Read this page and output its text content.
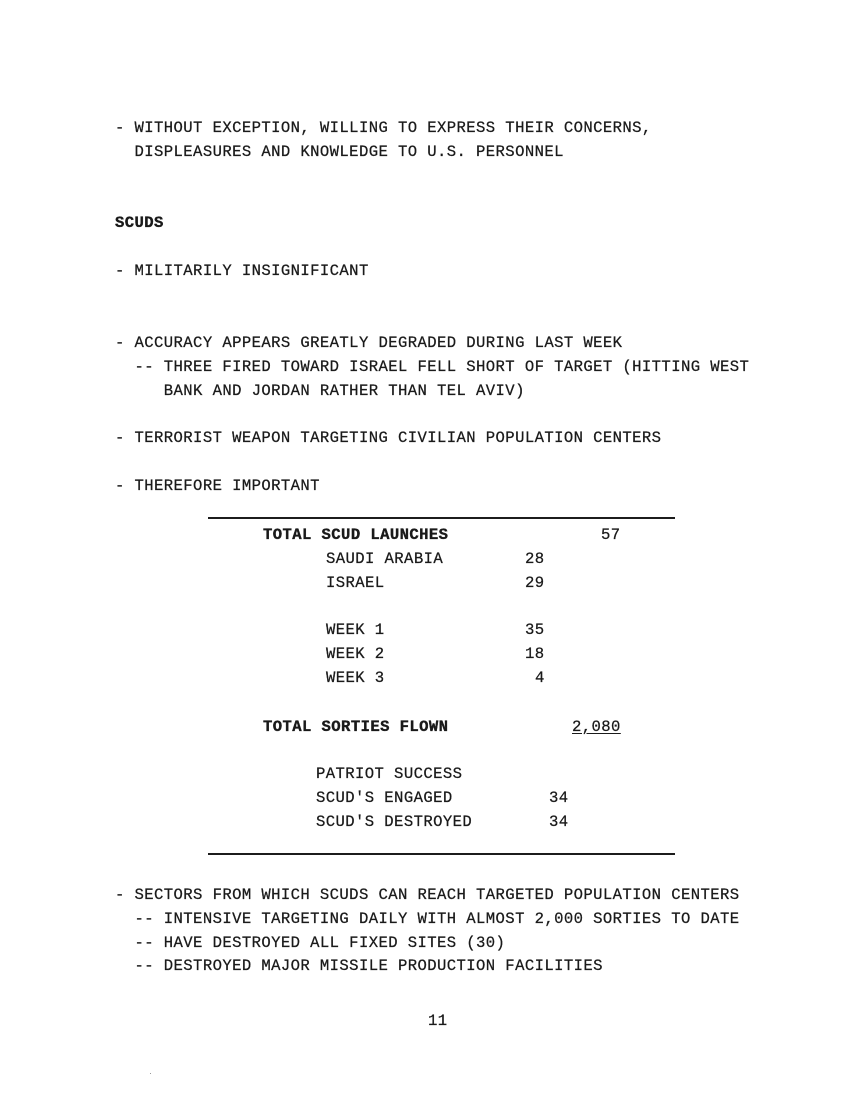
- WITHOUT EXCEPTION, WILLING TO EXPRESS THEIR CONCERNS,
DISPLEASURES AND KNOWLEDGE TO U.S. PERSONNEL
SCUDS
- MILITARILY INSIGNIFICANT
- ACCURACY APPEARS GREATLY DEGRADED DURING LAST WEEK
-- THREE FIRED TOWARD ISRAEL FELL SHORT OF TARGET (HITTING WEST
BANK AND JORDAN RATHER THAN TEL AVIV)
- TERRORIST WEAPON TARGETING CIVILIAN POPULATION CENTERS
- THEREFORE IMPORTANT
TOTAL SCUD LAUNCHES	57
SAUDI ARABIA	28
ISRAEL	29
WEEK 1	35
WEEK 2	18
WEEK 3	4
TOTAL SORTIES FLOWN	2,080
PATRIOT SUCCESS
SCUD'S ENGAGED	34
SCUD'S DESTROYED	34
- SECTORS FROM WHICH SCUDS CAN REACH TARGETED POPULATION CENTERS
-- INTENSIVE TARGETING DAILY WITH ALMOST 2,000 SORTIES TO DATE
-- HAVE DESTROYED ALL FIXED SITES (30)
-- DESTROYED MAJOR MISSILE PRODUCTION FACILITIES
11
